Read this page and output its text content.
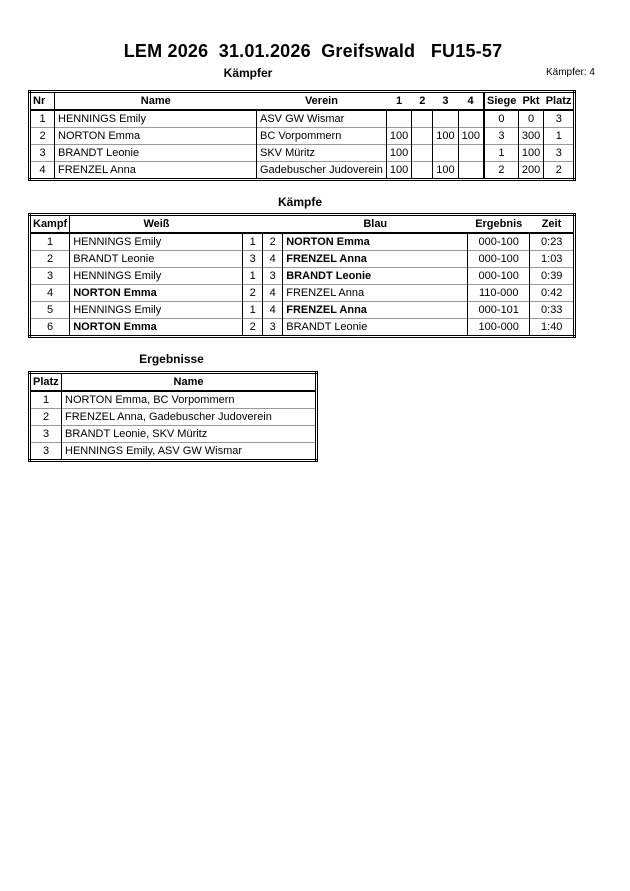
LEM 2026  31.01.2026  Greifswald   FU15-57
Kämpfer: 4
Kämpfer
Nr	Name	Verein	1	2	3	4	Siege	Pkt	Platz
1	HENNINGS Emily	ASV GW Wismar					0	0	3
2	NORTON Emma	BC Vorpommern	100		100	100	3	300	1
3	BRANDT Leonie	SKV Müritz	100				1	100	3
4	FRENZEL Anna	Gadebuscher Judoverein	100		100		2	200	2
Kämpfe
Kampf	Weiß			Blau	Ergebnis	Zeit
1	HENNINGS Emily	1	2	NORTON Emma	000-100	0:23
2	BRANDT Leonie	3	4	FRENZEL Anna	000-100	1:03
3	HENNINGS Emily	1	3	BRANDT Leonie	000-100	0:39
4	NORTON Emma	2	4	FRENZEL Anna	110-000	0:42
5	HENNINGS Emily	1	4	FRENZEL Anna	000-101	0:33
6	NORTON Emma	2	3	BRANDT Leonie	100-000	1:40
Ergebnisse
Platz	Name
1	NORTON Emma, BC Vorpommern
2	FRENZEL Anna, Gadebuscher Judoverein
3	BRANDT Leonie, SKV Müritz
3	HENNINGS Emily, ASV GW Wismar
